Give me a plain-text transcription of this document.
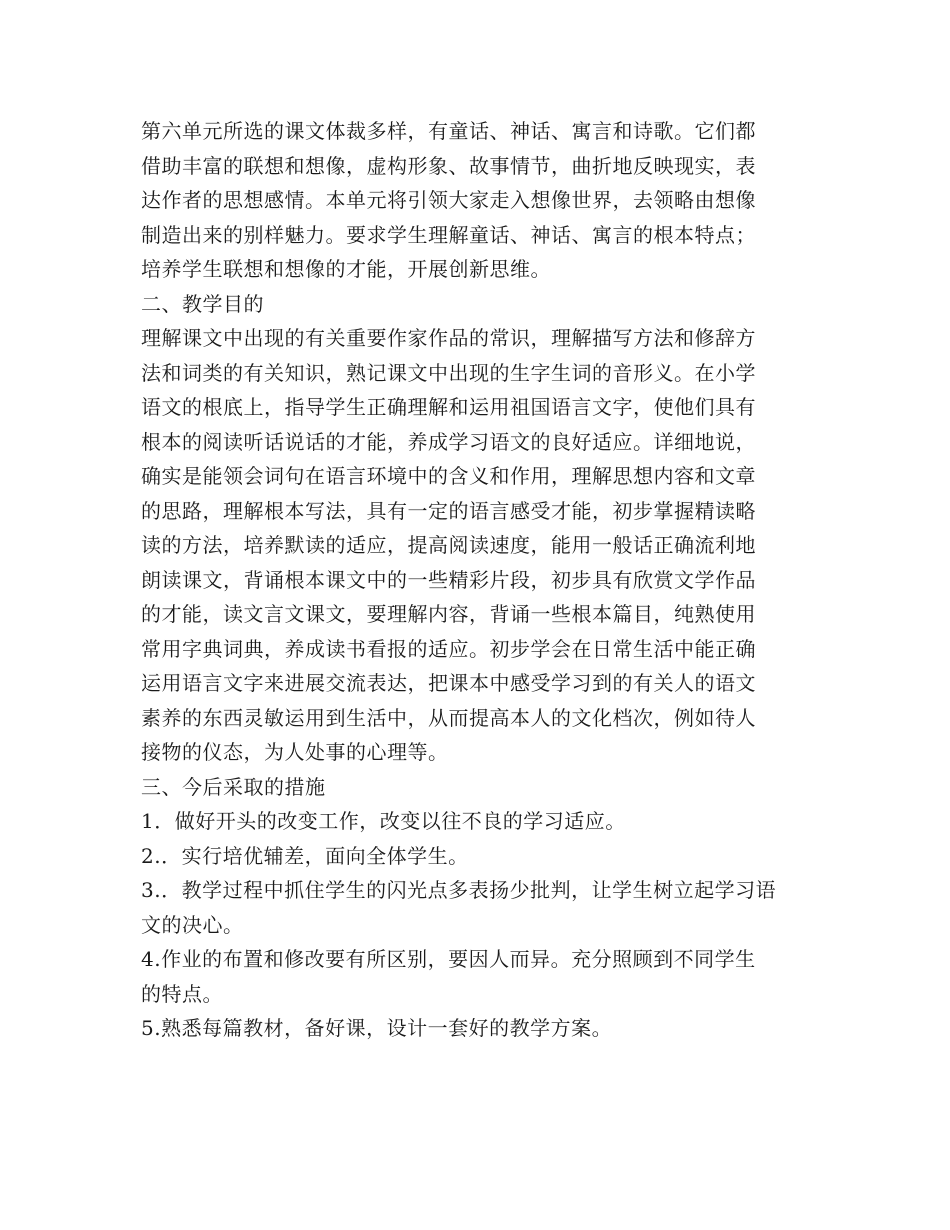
第六单元所选的课文体裁多样，有童话、神话、寓言和诗歌。它们都
借助丰富的联想和想像，虚构形象、故事情节，曲折地反映现实，表
达作者的思想感情。本单元将引领大家走入想像世界，去领略由想像
制造出来的别样魅力。要求学生理解童话、神话、寓言的根本特点；
培养学生联想和想像的才能，开展创新思维。
二、教学目的
理解课文中出现的有关重要作家作品的常识，理解描写方法和修辞方
法和词类的有关知识，熟记课文中出现的生字生词的音形义。在小学
语文的根底上，指导学生正确理解和运用祖国语言文字，使他们具有
根本的阅读听话说话的才能，养成学习语文的良好适应。详细地说，
确实是能领会词句在语言环境中的含义和作用，理解思想内容和文章
的思路，理解根本写法，具有一定的语言感受才能，初步掌握精读略
读的方法，培养默读的适应，提高阅读速度，能用一般话正确流利地
朗读课文，背诵根本课文中的一些精彩片段，初步具有欣赏文学作品
的才能，读文言文课文，要理解内容，背诵一些根本篇目，纯熟使用
常用字典词典，养成读书看报的适应。初步学会在日常生活中能正确
运用语言文字来进展交流表达，把课本中感受学习到的有关人的语文
素养的东西灵敏运用到生活中，从而提高本人的文化档次，例如待人
接物的仪态，为人处事的心理等。
三、今后采取的措施
1．做好开头的改变工作，改变以往不良的学习适应。
2.．实行培优辅差，面向全体学生。
3.．教学过程中抓住学生的闪光点多表扬少批判，让学生树立起学习语
文的决心。
4.作业的布置和修改要有所区别，要因人而异。充分照顾到不同学生
的特点。
5.熟悉每篇教材，备好课，设计一套好的教学方案。
